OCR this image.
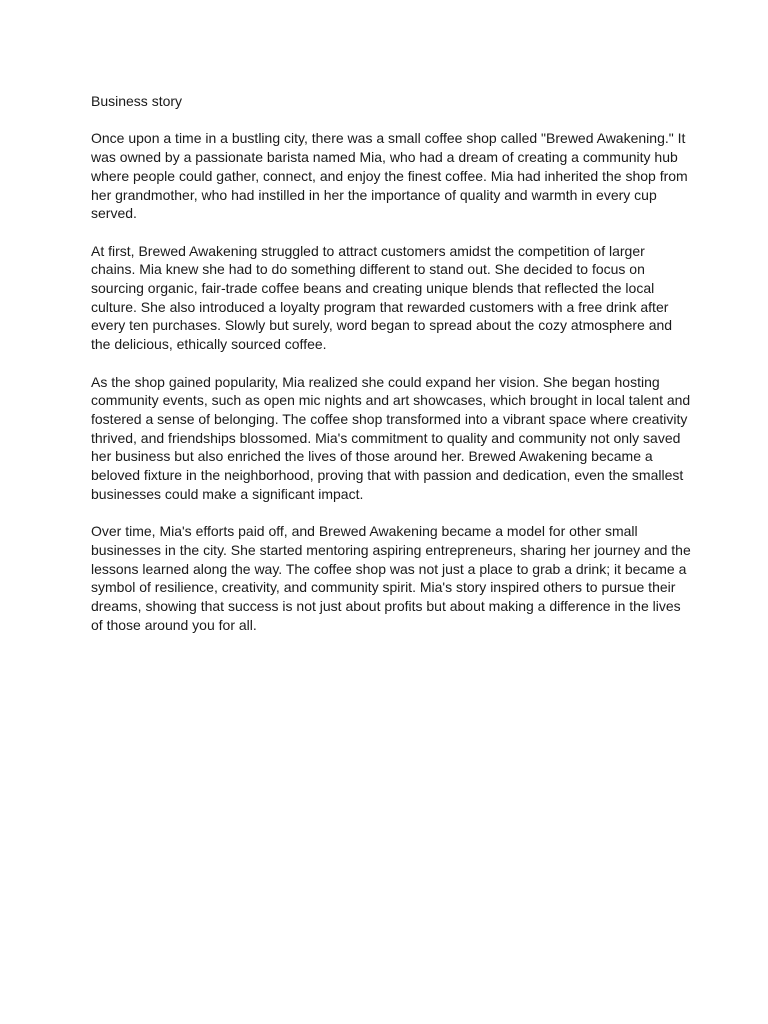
Business story

Once upon a time in a bustling city, there was a small coffee shop called "Brewed Awakening." It was owned by a passionate barista named Mia, who had a dream of creating a community hub where people could gather, connect, and enjoy the finest coffee. Mia had inherited the shop from her grandmother, who had instilled in her the importance of quality and warmth in every cup served.

At first, Brewed Awakening struggled to attract customers amidst the competition of larger chains. Mia knew she had to do something different to stand out. She decided to focus on sourcing organic, fair-trade coffee beans and creating unique blends that reflected the local culture. She also introduced a loyalty program that rewarded customers with a free drink after every ten purchases. Slowly but surely, word began to spread about the cozy atmosphere and the delicious, ethically sourced coffee.

As the shop gained popularity, Mia realized she could expand her vision. She began hosting community events, such as open mic nights and art showcases, which brought in local talent and fostered a sense of belonging. The coffee shop transformed into a vibrant space where creativity thrived, and friendships blossomed. Mia's commitment to quality and community not only saved her business but also enriched the lives of those around her. Brewed Awakening became a beloved fixture in the neighborhood, proving that with passion and dedication, even the smallest businesses could make a significant impact.

Over time, Mia's efforts paid off, and Brewed Awakening became a model for other small businesses in the city. She started mentoring aspiring entrepreneurs, sharing her journey and the lessons learned along the way. The coffee shop was not just a place to grab a drink; it became a symbol of resilience, creativity, and community spirit. Mia's story inspired others to pursue their dreams, showing that success is not just about profits but about making a difference in the lives of those around you for all.
